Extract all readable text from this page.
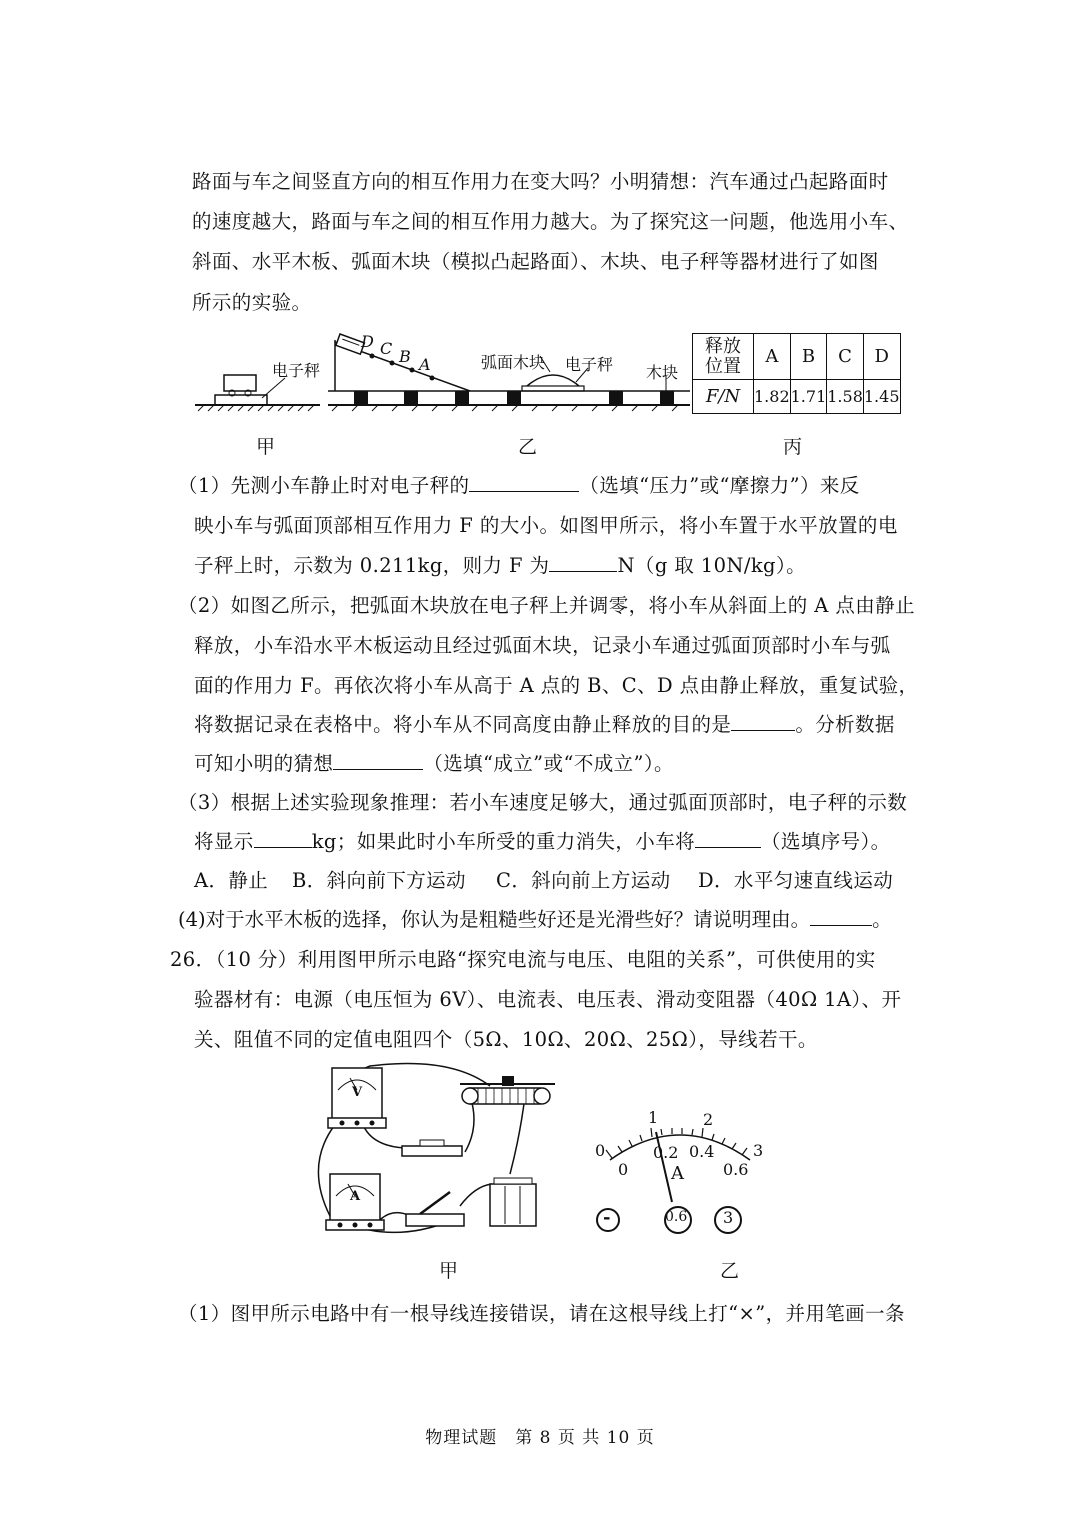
路面与车之间竖直方向的相互作用力在变大吗？小明猜想：汽车通过凸起路面时
的速度越大，路面与车之间的相互作用力越大。为了探究这一问题，他选用小车、
斜面、水平木板、弧面木块（模拟凸起路面）、木块、电子秤等器材进行了如图
所示的实验。
电子秤
D C B A	弧面木块 电子秤 木块
释放
位置	A	B	C	D
F/N	1.82	1.71	1.58	1.45
甲	乙	丙
（1）先测小车静止时对电子秤的	（选填“压力”或“摩擦力”）来反
映小车与弧面顶部相互作用力 F 的大小。如图甲所示，将小车置于水平放置的电
子秤上时，示数为 0.211kg，则力 F 为	N（g 取 10N/kg）。
（2）如图乙所示，把弧面木块放在电子秤上并调零，将小车从斜面上的 A 点由静止
释放，小车沿水平木板运动且经过弧面木块，记录小车通过弧面顶部时小车与弧
面的作用力 F。再依次将小车从高于 A 点的 B、C、D 点由静止释放，重复试验，
将数据记录在表格中。将小车从不同高度由静止释放的目的是	。分析数据
可知小明的猜想	（选填“成立”或“不成立”）。
（3）根据上述实验现象推理：若小车速度足够大，通过弧面顶部时，电子秤的示数
将显示	kg；如果此时小车所受的重力消失，小车将	（选填序号）。
A．静止 B．斜向前下方运动 C．斜向前上方运动 D．水平匀速直线运动
(4)对于水平木板的选择，你认为是粗糙些好还是光滑些好？请说明理由。	。
26．（10 分）利用图甲所示电路“探究电流与电压、电阻的关系”，可供使用的实
验器材有：电源（电压恒为 6V）、电流表、电压表、滑动变阻器（40Ω 1A）、开
关、阻值不同的定值电阻四个（5Ω、10Ω、20Ω、25Ω），导线若干。
V
A
0
1	2
3
0
0.2 0.4
0.6
A
-	0.6 3
甲	乙
（1）图甲所示电路中有一根导线连接错误，请在这根导线上打“×”，并用笔画一条
物理试题　第 8 页 共 10 页
